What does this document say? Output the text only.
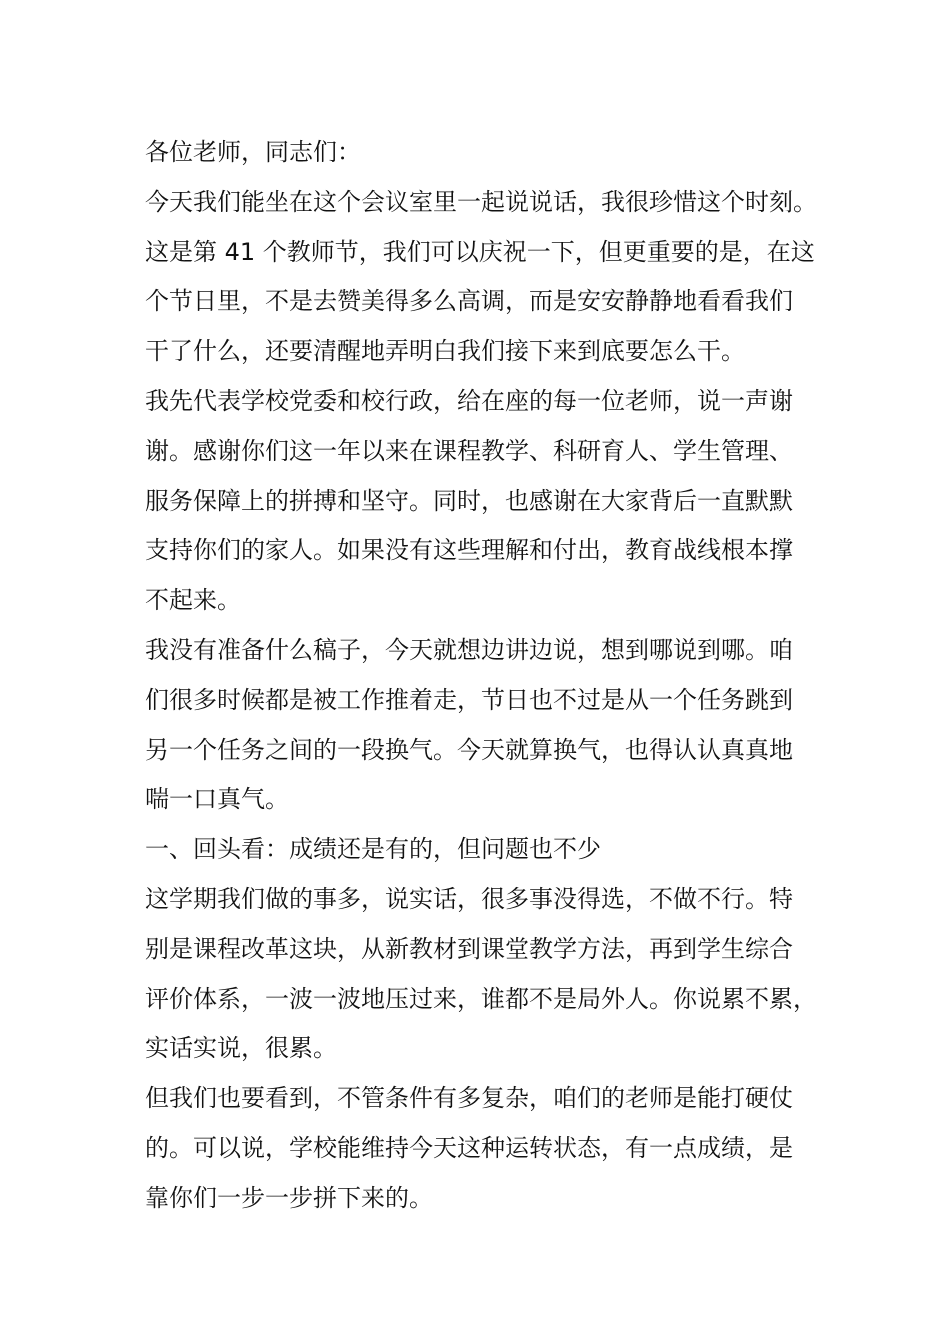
各位老师，同志们：
今天我们能坐在这个会议室里一起说说话，我很珍惜这个时刻。
这是第 41 个教师节，我们可以庆祝一下，但更重要的是，在这
个节日里，不是去赞美得多么高调，而是安安静静地看看我们
干了什么，还要清醒地弄明白我们接下来到底要怎么干。
我先代表学校党委和校行政，给在座的每一位老师，说一声谢
谢。感谢你们这一年以来在课程教学、科研育人、学生管理、
服务保障上的拼搏和坚守。同时，也感谢在大家背后一直默默
支持你们的家人。如果没有这些理解和付出，教育战线根本撑
不起来。
我没有准备什么稿子，今天就想边讲边说，想到哪说到哪。咱
们很多时候都是被工作推着走，节日也不过是从一个任务跳到
另一个任务之间的一段换气。今天就算换气，也得认认真真地
喘一口真气。
一、回头看：成绩还是有的，但问题也不少
这学期我们做的事多，说实话，很多事没得选，不做不行。特
别是课程改革这块，从新教材到课堂教学方法，再到学生综合
评价体系，一波一波地压过来，谁都不是局外人。你说累不累，
实话实说，很累。
但我们也要看到，不管条件有多复杂，咱们的老师是能打硬仗
的。可以说，学校能维持今天这种运转状态，有一点成绩，是
靠你们一步一步拼下来的。
